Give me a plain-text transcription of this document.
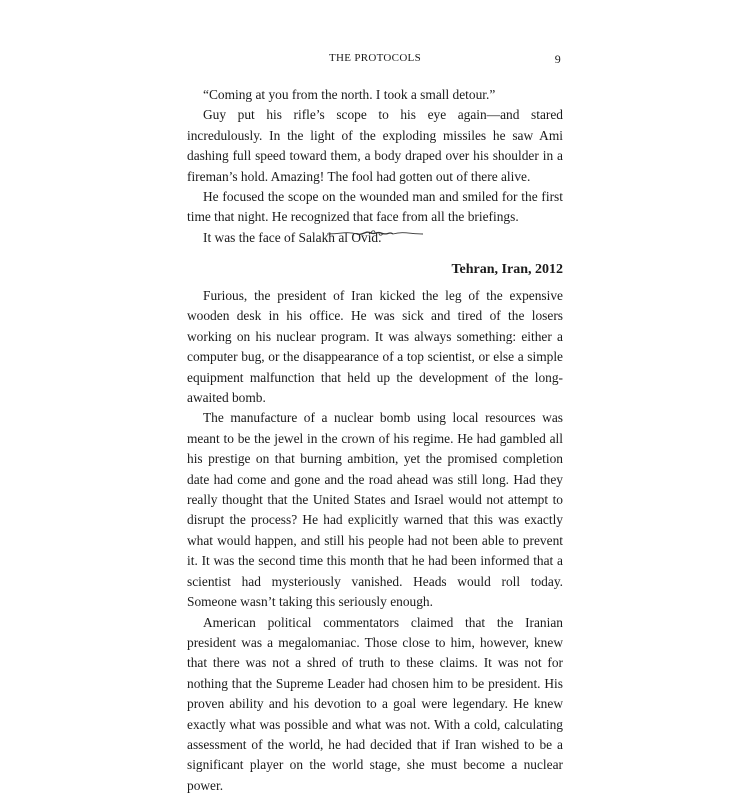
THE PROTOCOLS	9

“Coming at you from the north. I took a small detour.”

Guy put his rifle’s scope to his eye again—and stared incredulously. In the light of the exploding missiles he saw Ami dashing full speed toward them, a body draped over his shoulder in a fireman’s hold. Amazing! The fool had gotten out of there alive.

He focused the scope on the wounded man and smiled for the first time that night. He recognized that face from all the briefings.

It was the face of Salakh al Ovid.

Tehran, Iran, 2012

Furious, the president of Iran kicked the leg of the expensive wooden desk in his office. He was sick and tired of the losers working on his nuclear program. It was always something: either a computer bug, or the disappearance of a top scientist, or else a simple equipment malfunction that held up the development of the long-awaited bomb.

The manufacture of a nuclear bomb using local resources was meant to be the jewel in the crown of his regime. He had gambled all his prestige on that burning ambition, yet the promised completion date had come and gone and the road ahead was still long. Had they really thought that the United States and Israel would not attempt to disrupt the process? He had explicitly warned that this was exactly what would happen, and still his people had not been able to prevent it. It was the second time this month that he had been informed that a scientist had mysteriously vanished. Heads would roll today. Someone wasn’t taking this seriously enough.

American political commentators claimed that the Iranian president was a megalomaniac. Those close to him, however, knew that there was not a shred of truth to these claims. It was not for nothing that the Supreme Leader had chosen him to be president. His proven ability and his devotion to a goal were legendary. He knew exactly what was possible and what was not. With a cold, calculating assessment of the world, he had decided that if Iran wished to be a significant player on the world stage, she must become a nuclear power.
